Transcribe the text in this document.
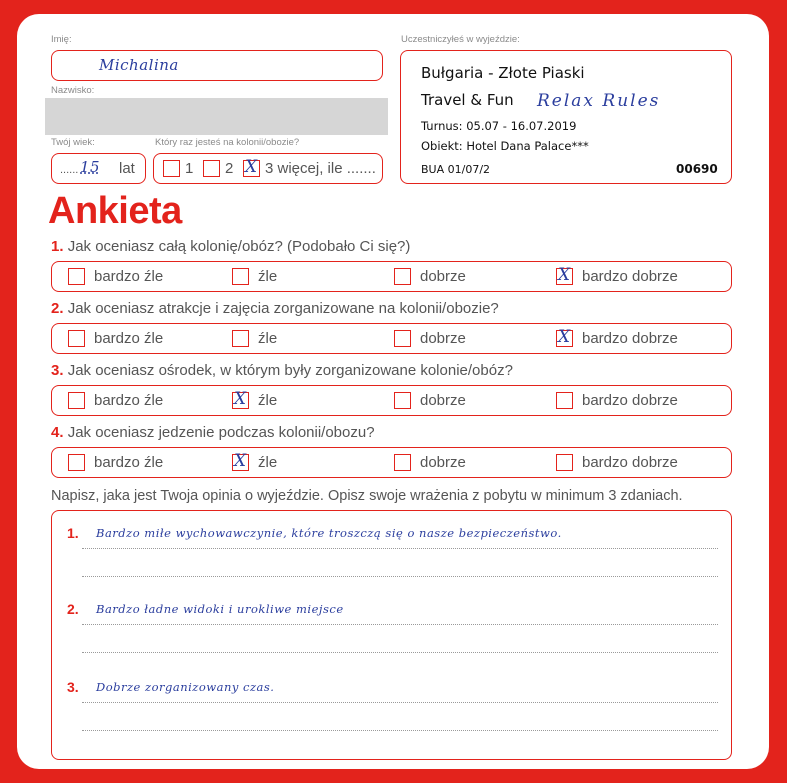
Imię:
Michalina
Nazwisko:
Twój wiek:
...... 15 lat
Który raz jesteś na kolonii/obozie?
1 2 X 3 więcej, ile .......
Uczestniczyłeś w wyjeździe:
Bułgaria - Złote Piaski
Travel & Fun Relax Rules
Turnus: 05.07 - 16.07.2019
Obiekt: Hotel Dana Palace***
BUA 01/07/2	00690
Ankieta
1. Jak oceniasz całą kolonię/obóz? (Podobało Ci się?)
bardzo źle	źle	dobrze	X bardzo dobrze
2. Jak oceniasz atrakcje i zajęcia zorganizowane na kolonii/obozie?
bardzo źle	źle	dobrze	X bardzo dobrze
3. Jak oceniasz ośrodek, w którym były zorganizowane kolonie/obóz?
bardzo źle	X źle	dobrze	bardzo dobrze
4. Jak oceniasz jedzenie podczas kolonii/obozu?
bardzo źle	X źle	dobrze	bardzo dobrze
Napisz, jaka jest Twoja opinia o wyjeździe. Opisz swoje wrażenia z pobytu w minimum 3 zdaniach.
1. Bardzo miłe wychowawczynie, które troszczą się o nasze bezpieczeństwo.
2. Bardzo ładne widoki i urokliwe miejsce
3. Dobrze zorganizowany czas.
